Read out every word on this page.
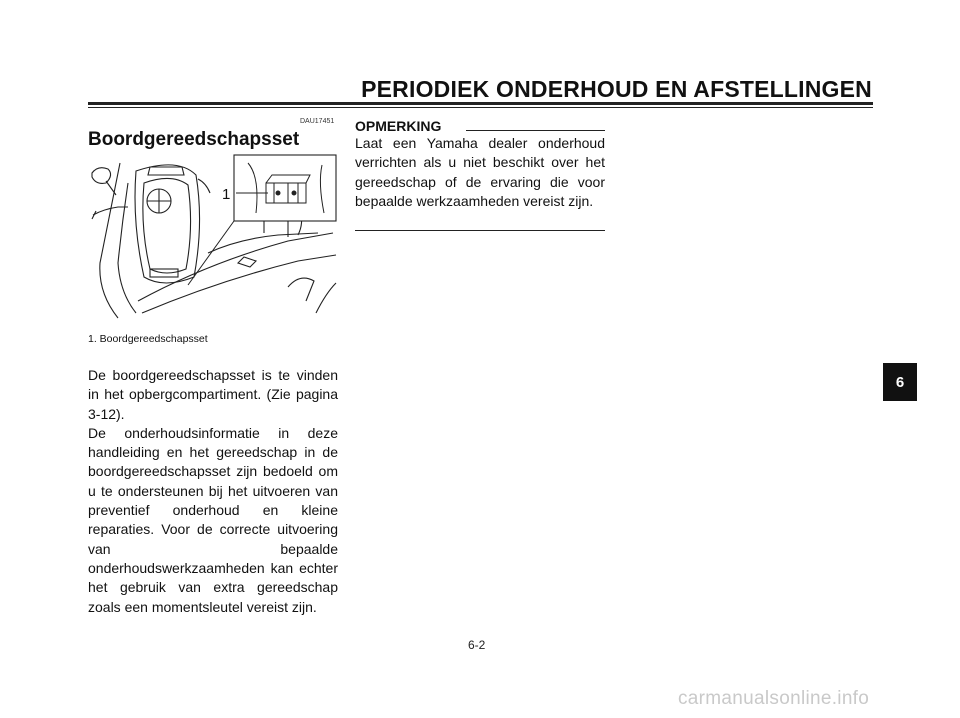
PERIODIEK ONDERHOUD EN AFSTELLINGEN
DAU17451
Boordgereedschapsset
1
1. Boordgereedschapsset

De boordgereedschapsset is te vinden in het opbergcompartiment. (Zie pagina 3-12).

De onderhoudsinformatie in deze handleiding en het gereedschap in de boordgereedschapsset zijn bedoeld om u te ondersteunen bij het uitvoeren van preventief onderhoud en kleine reparaties. Voor de correcte uitvoering van bepaalde onderhoudswerkzaamheden kan echter het gebruik van extra gereedschap zoals een momentsleutel vereist zijn.

OPMERKING
Laat een Yamaha dealer onderhoud verrichten als u niet beschikt over het gereedschap of de ervaring die voor bepaalde werkzaamheden vereist zijn.
6-2
6
carmanualsonline.info
